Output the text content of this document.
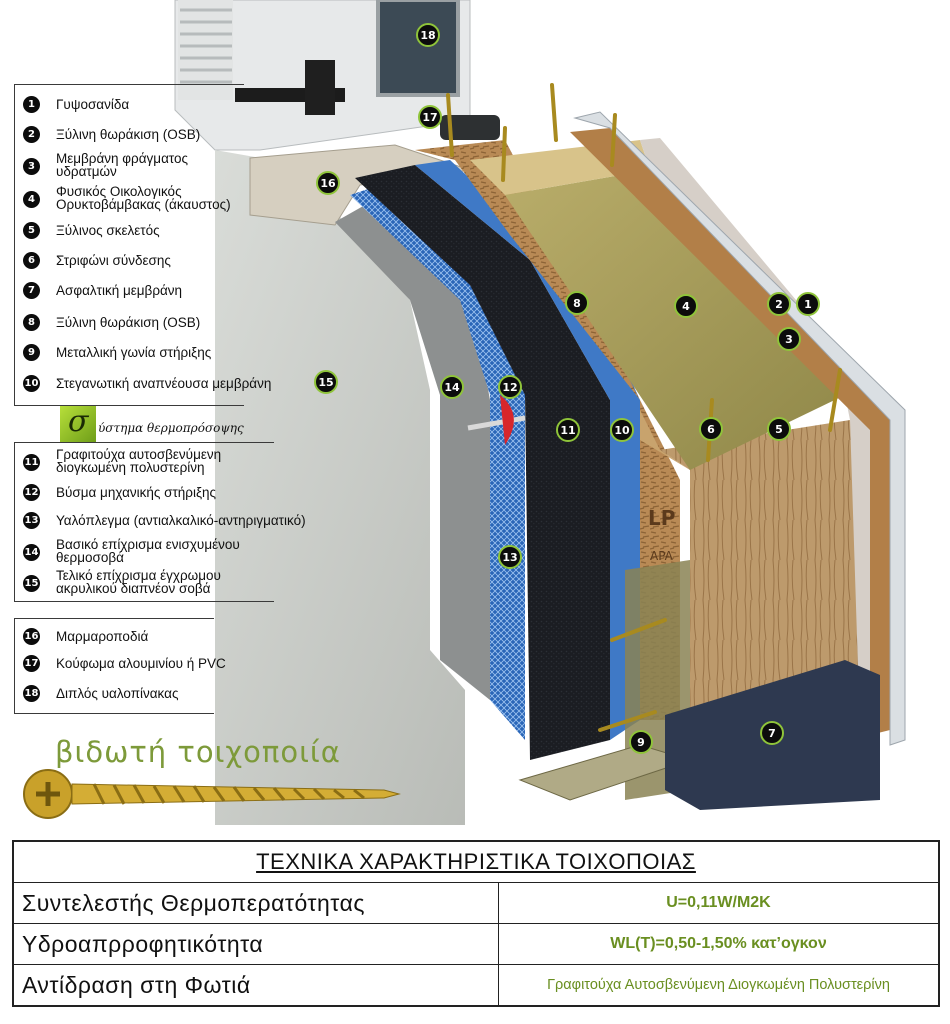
LP
APA
18
17
16
15	14
13
12
11	10
9
8
7
6	5
4
3
2 1
1	Γυψοσανίδα
2	Ξύλινη θωράκιση (OSB)
3
Μεμβράνη φράγματος
υδρατμών
4
Φυσικός Οικολογικός
Ορυκτοβάμβακας (άκαυστος)
5	Ξύλινος σκελετός
6	Στριφώνι σύνδεσης
7	Ασφαλτική μεμβράνη
8	Ξύλινη θωράκιση (OSB)
9	Μεταλλική γωνία στήριξης
10 Στεγανωτική αναπνέουσα μεμβράνη
σ ύστημα θερμοπρόσοψης
11
Γραφιτούχα αυτοσβενύμενη
διογκωμένη πολυστερίνη
12 Βύσμα μηχανικής στήριξης
13 Υαλόπλεγμα (αντιαλκαλικό-αντηριγματικό)
14
Βασικό επίχρισμα ενισχυμένου
θερμοσοβά
15
Τελικό επίχρισμα έγχρωμου
ακρυλικού διαπνέον σοβά
16 Μαρμαροποδιά
17 Κούφωμα αλουμινίου ή PVC
18 Διπλός υαλοπίνακας
βιδωτή τοιχοποιία
ΤΕΧΝΙΚΑ ΧΑΡΑΚΤΗΡΙΣΤΙΚΑ ΤΟΙΧΟΠΟΙΑΣ	
Συντελεστής Θερμοπερατότητας	U=0,11W/M2K
Υδροαπρροφητικότητα	WL(T)=0,50-1,50% κατ’ογκον
Αντίδραση στη Φωτιά	Γραφιτούχα Αυτοσβενύμενη Διογκωμένη Πολυστερίνη
